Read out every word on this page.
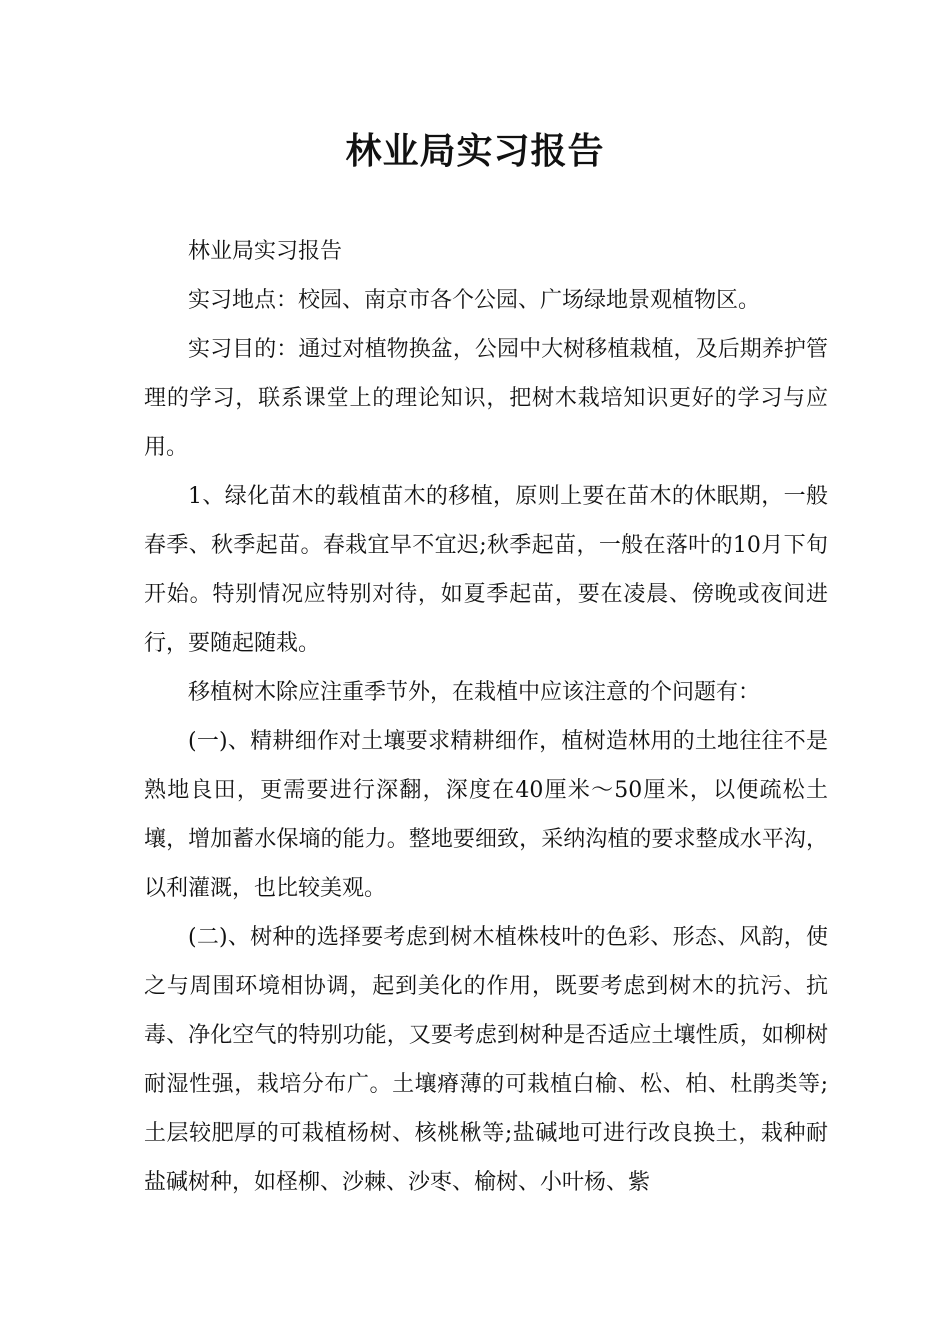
林业局实习报告

林业局实习报告

实习地点：校园、南京市各个公园、广场绿地景观植物区。

实习目的：通过对植物换盆，公园中大树移植栽植，及后期养护管理的学习，联系课堂上的理论知识，把树木栽培知识更好的学习与应用。

1、绿化苗木的载植苗木的移植，原则上要在苗木的休眠期，一般春季、秋季起苗。春栽宜早不宜迟;秋季起苗，一般在落叶的10月下旬开始。特别情况应特别对待，如夏季起苗，要在凌晨、傍晚或夜间进行，要随起随栽。

移植树木除应注重季节外，在栽植中应该注意的个问题有：

(一)、精耕细作对土壤要求精耕细作，植树造林用的土地往往不是熟地良田，更需要进行深翻，深度在40厘米～50厘米，以便疏松土壤，增加蓄水保墒的能力。整地要细致，采纳沟植的要求整成水平沟，以利灌溉，也比较美观。

(二)、树种的选择要考虑到树木植株枝叶的色彩、形态、风韵，使之与周围环境相协调，起到美化的作用，既要考虑到树木的抗污、抗毒、净化空气的特别功能，又要考虑到树种是否适应土壤性质，如柳树耐湿性强，栽培分布广。土壤瘠薄的可栽植白榆、松、柏、杜鹃类等;土层较肥厚的可栽植杨树、核桃楸等;盐碱地可进行改良换土，栽种耐盐碱树种，如柽柳、沙棘、沙枣、榆树、小叶杨、紫
